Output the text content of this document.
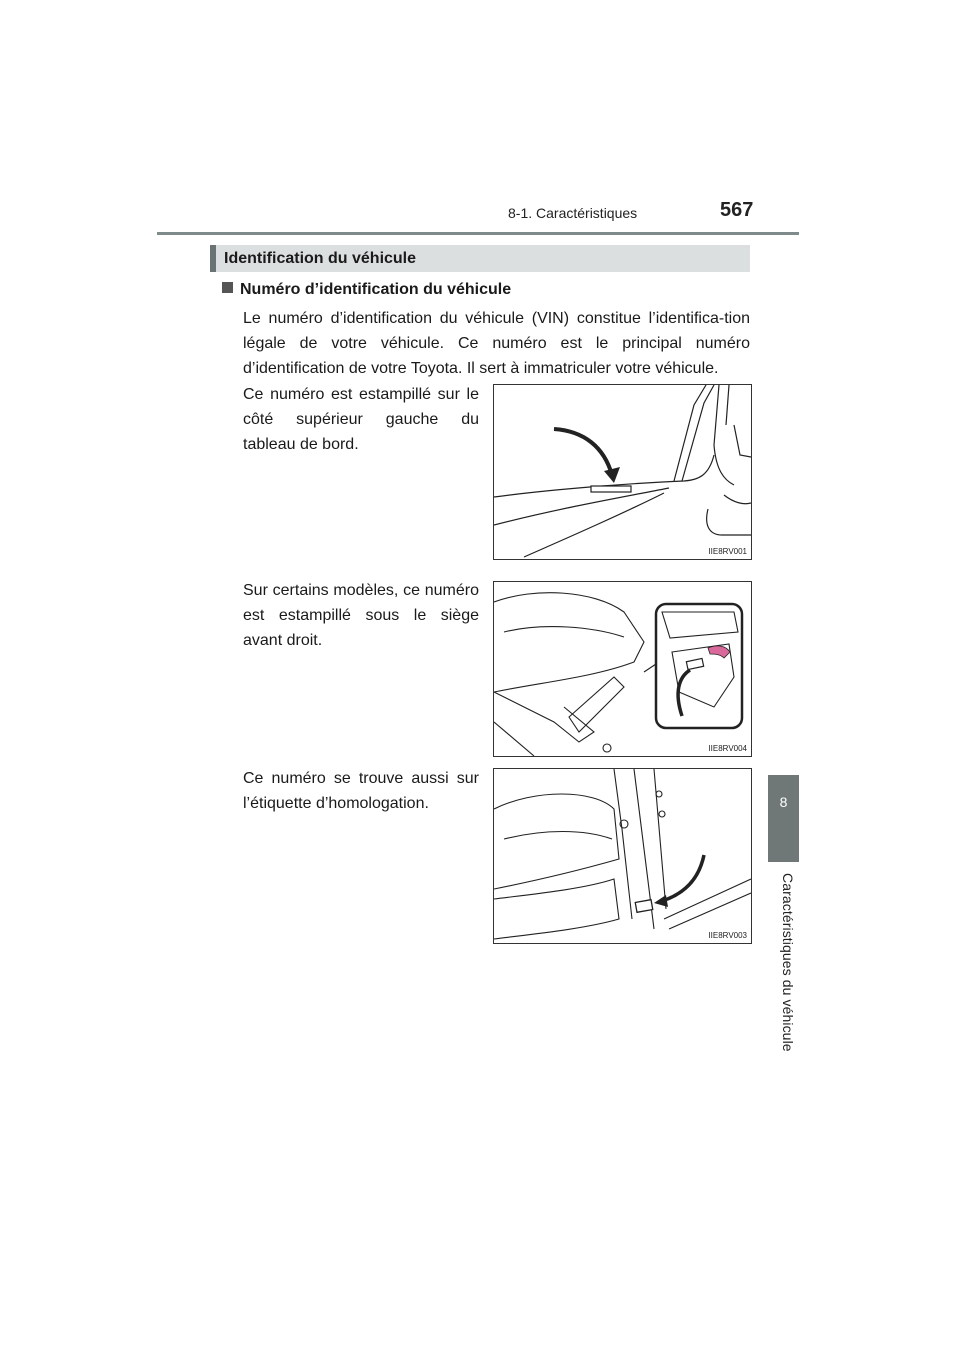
8-1. Caractéristiques	567
8
Caractéristiques du véhicule
Identification du véhicule
Numéro d’identification du véhicule
Le numéro d’identification du véhicule (VIN) constitue l’identifica-tion légale de votre véhicule. Ce numéro est le principal numéro d’identification de votre Toyota. Il sert à immatriculer votre véhicule.
Ce numéro est estampillé sur le côté supérieur gauche du tableau de bord.
Sur certains modèles, ce numéro est estampillé sous le siège avant droit.
Ce numéro se trouve aussi sur l’étiquette d’homologation.
IIE8RV001
IIE8RV004
IIE8RV003
